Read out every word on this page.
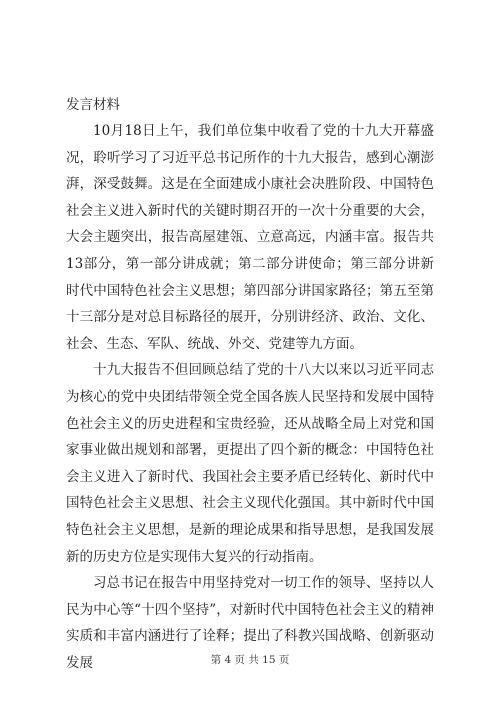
发言材料

10月18日上午，我们单位集中收看了党的十九大开幕盛况，聆听学习了习近平总书记所作的十九大报告，感到心潮澎湃，深受鼓舞。这是在全面建成小康社会决胜阶段、中国特色社会主义进入新时代的关键时期召开的一次十分重要的大会，大会主题突出，报告高屋建瓴、立意高远，内涵丰富。报告共13部分，第一部分讲成就；第二部分讲使命；第三部分讲新时代中国特色社会主义思想；第四部分讲国家路径；第五至第十三部分是对总目标路径的展开，分别讲经济、政治、文化、社会、生态、军队、统战、外交、党建等九方面。

十九大报告不但回顾总结了党的十八大以来以习近平同志为核心的党中央团结带领全党全国各族人民坚持和发展中国特色社会主义的历史进程和宝贵经验，还从战略全局上对党和国家事业做出规划和部署，更提出了四个新的概念：中国特色社会主义进入了新时代、我国社会主要矛盾已经转化、新时代中国特色社会主义思想、社会主义现代化强国。其中新时代中国特色社会主义思想，是新的理论成果和指导思想，是我国发展新的历史方位是实现伟大复兴的行动指南。

习总书记在报告中用坚持党对一切工作的领导、坚持以人民为中心等“十四个坚持”，对新时代中国特色社会主义的精神实质和丰富内涵进行了诠释；提出了科教兴国战略、创新驱动发展	第 4 页 共 15 页
